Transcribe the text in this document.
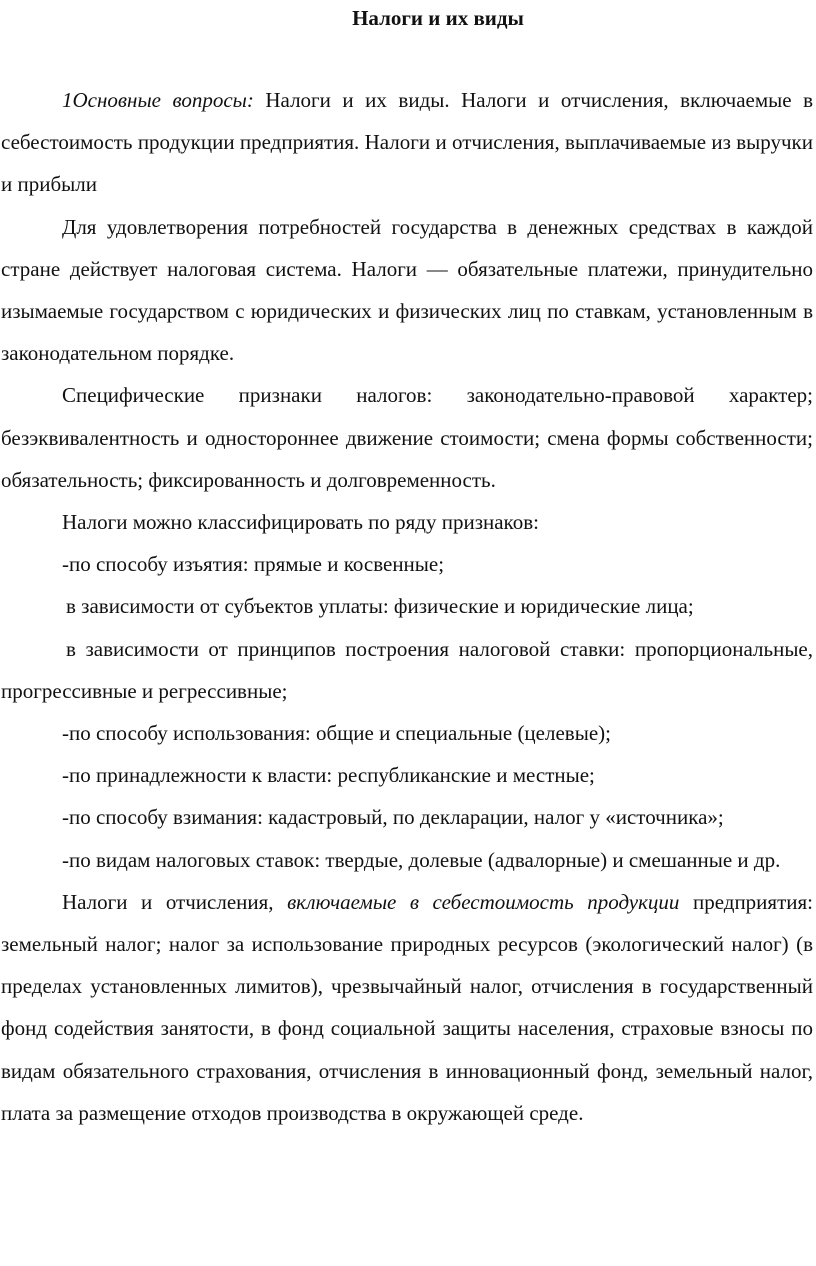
Налоги и их виды

1Основные вопросы: Налоги и их виды. Налоги и отчисления, включаемые в себестоимость продукции предприятия. Налоги и отчисления, выплачиваемые из выручки и прибыли

Для удовлетворения потребностей государства в денежных средствах в каждой стране действует налоговая система. Налоги — обязательные платежи, принудительно изымаемые государством с юридических и физических лиц по ставкам, установленным в законодательном порядке.

Специфические признаки налогов: законодательно-правовой характер; безэквивалентность и одностороннее движение стоимости; смена формы собственности; обязательность; фиксированность и долговременность.

Налоги можно классифицировать по ряду признаков:

-по способу изъятия: прямые и косвенные;

в зависимости от субъектов уплаты: физические и юридические лица;

в зависимости от принципов построения налоговой ставки: пропорциональные, прогрессивные и регрессивные;

-по способу использования: общие и специальные (целевые);

-по принадлежности к власти: республиканские и местные;

-по способу взимания: кадастровый, по декларации, налог у «источника»;

-по видам налоговых ставок: твердые, долевые (адвалорные) и смешанные и др.

Налоги и отчисления, включаемые в себестоимость продукции предприятия: земельный налог; налог за использование природных ресурсов (экологический налог) (в пределах установленных лимитов), чрезвычайный налог, отчисления в государственный фонд содействия занятости, в фонд социальной защиты населения, страховые взносы по видам обязательного страхования, отчисления в инновационный фонд, земельный налог, плата за размещение отходов производства в окружающей среде.
